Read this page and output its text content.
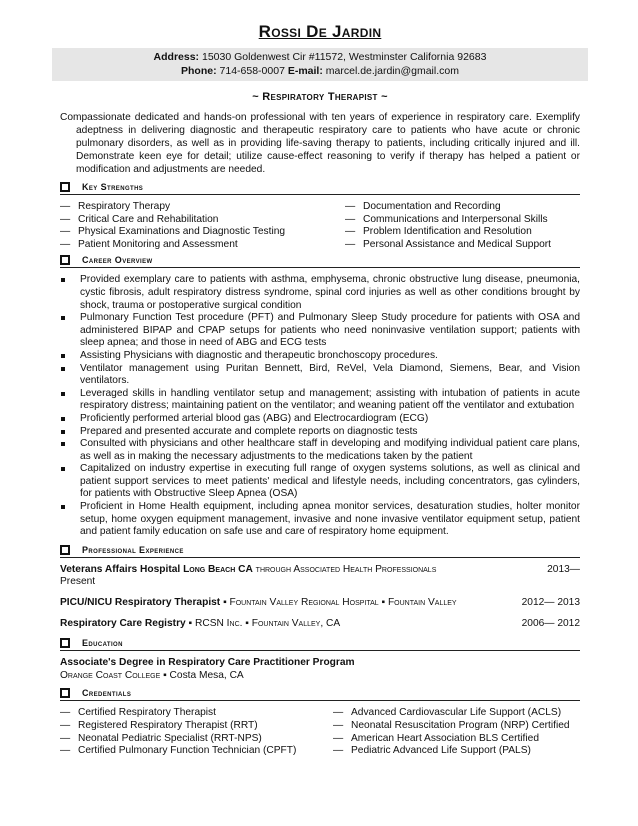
Rossi De Jardin
Address: 15030 Goldenwest Cir #11572, Westminster California 92683
Phone: 714-658-0007 E-mail: marcel.de.jardin@gmail.com
~ Respiratory Therapist ~

Compassionate dedicated and hands-on professional with ten years of experience in respiratory care. Exemplify adeptness in delivering diagnostic and therapeutic respiratory care to patients who have acute or chronic pulmonary disorders, as well as in providing life-saving therapy to patients, including critically injured and ill. Demonstrate keen eye for detail; utilize cause-effect reasoning to verify if therapy has helped a patient or modification and adjustments are needed.

Key Strengths
— Respiratory Therapy
— Critical Care and Rehabilitation
— Physical Examinations and Diagnostic Testing
— Patient Monitoring and Assessment
— Documentation and Recording
— Communications and Interpersonal Skills
— Problem Identification and Resolution
— Personal Assistance and Medical Support
Career Overview
Provided exemplary care to patients with asthma, emphysema, chronic obstructive lung disease, pneumonia, cystic fibrosis, adult respiratory distress syndrome, spinal cord injuries as well as other conditions brought by shock, trauma or postoperative surgical condition
Pulmonary Function Test procedure (PFT) and Pulmonary Sleep Study procedure for patients with OSA and administered BIPAP and CPAP setups for patients who need noninvasive ventilation support; patients with sleep apnea; and those in need of ABG and ECG tests
Assisting Physicians with diagnostic and therapeutic bronchoscopy procedures.
Ventilator management using Puritan Bennett, Bird, ReVel, Vela Diamond, Siemens, Bear, and Vision ventilators.
Leveraged skills in handling ventilator setup and management; assisting with intubation of patients in acute respiratory distress; maintaining patient on the ventilator; and weaning patient off the ventilator and extubation
Proficiently performed arterial blood gas (ABG) and Electrocardiogram (ECG)
Prepared and presented accurate and complete reports on diagnostic tests
Consulted with physicians and other healthcare staff in developing and modifying individual patient care plans, as well as in making the necessary adjustments to the medications taken by the patient
Capitalized on industry expertise in executing full range of oxygen systems solutions, as well as clinical and patient support services to meet patients' medical and lifestyle needs, including concentrators, gas cylinders, for patients with Obstructive Sleep Apnea (OSA)
Proficient in Home Health equipment, including apnea monitor services, desaturation studies, holter monitor setup, home oxygen equipment management, invasive and none invasive ventilator equipment setup, patient and patient family education on safe use and care of respiratory home equipment.
Professional Experience
Veterans Affairs Hospital Long Beach CA through Associated Health Professionals	2013—
Present
PICU/NICU Respiratory Therapist ▪ Fountain Valley Regional Hospital ▪ Fountain Valley	2012— 2013
Respiratory Care Registry ▪ RCSN Inc. ▪ Fountain Valley, CA	2006— 2012
Education
Associate's Degree in Respiratory Care Practitioner Program
Orange Coast College ▪ Costa Mesa, CA
Credentials
— Certified Respiratory Therapist
— Registered Respiratory Therapist (RRT)
— Neonatal Pediatric Specialist (RRT-NPS)
— Certified Pulmonary Function Technician (CPFT)
— Advanced Cardiovascular Life Support (ACLS)
— Neonatal Resuscitation Program (NRP) Certified
— American Heart Association BLS Certified
— Pediatric Advanced Life Support (PALS)
